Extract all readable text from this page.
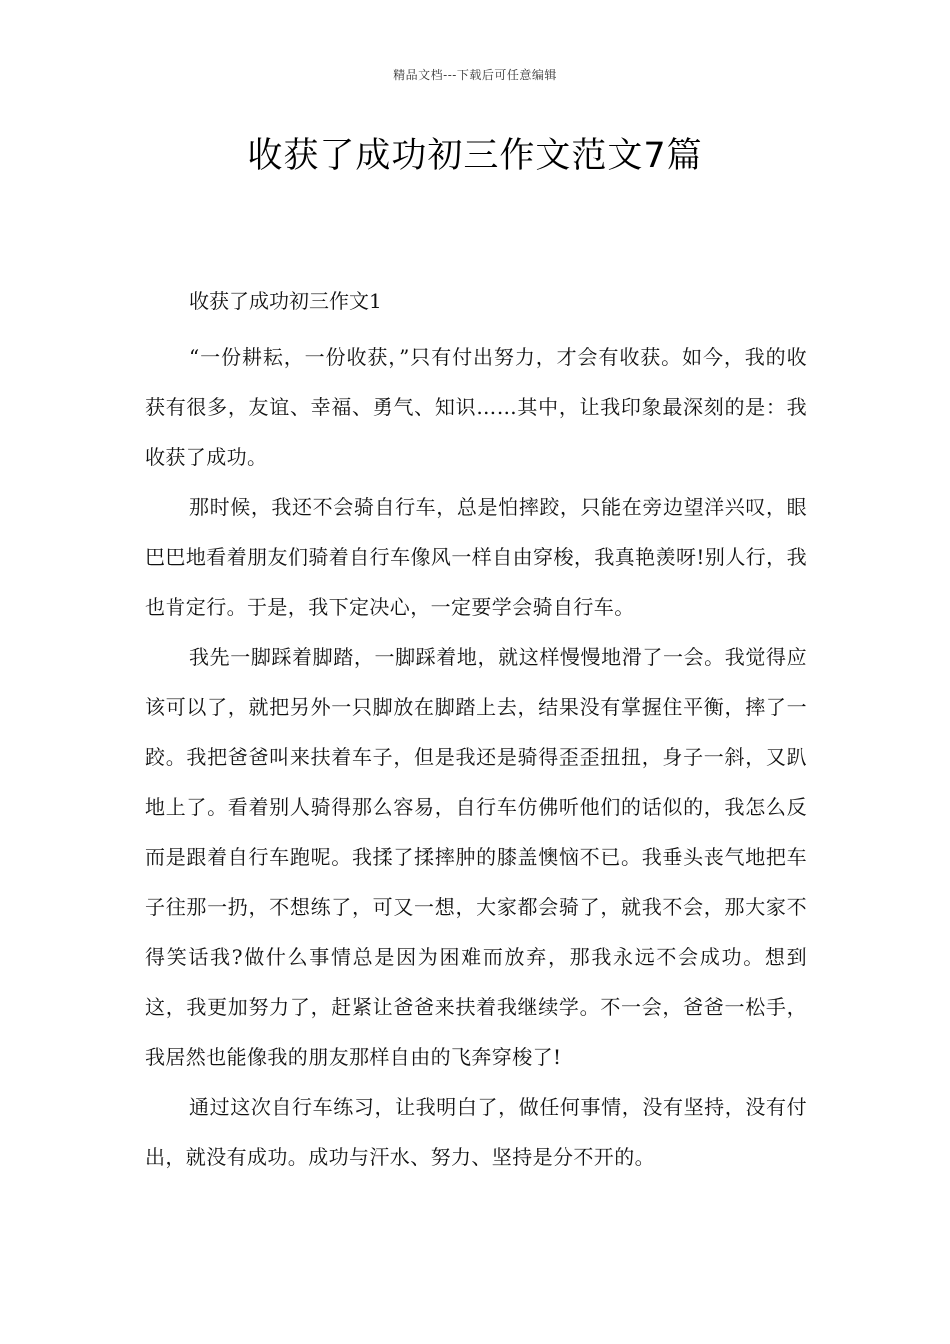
精品文档---下载后可任意编辑
收获了成功初三作文范文7篇

收获了成功初三作文1

“一份耕耘，一份收获，”只有付出努力，才会有收获。如今，我的收获有很多，友谊、幸福、勇气、知识……其中，让我印象最深刻的是：我收获了成功。

那时候，我还不会骑自行车，总是怕摔跤，只能在旁边望洋兴叹，眼巴巴地看着朋友们骑着自行车像风一样自由穿梭，我真艳羡呀!别人行，我也肯定行。于是，我下定决心，一定要学会骑自行车。

我先一脚踩着脚踏，一脚踩着地，就这样慢慢地滑了一会。我觉得应该可以了，就把另外一只脚放在脚踏上去，结果没有掌握住平衡，摔了一跤。我把爸爸叫来扶着车子，但是我还是骑得歪歪扭扭，身子一斜，又趴地上了。看着别人骑得那么容易，自行车仿佛听他们的话似的，我怎么反而是跟着自行车跑呢。我揉了揉摔肿的膝盖懊恼不已。我垂头丧气地把车子往那一扔，不想练了，可又一想，大家都会骑了，就我不会，那大家不得笑话我?做什么事情总是因为困难而放弃，那我永远不会成功。想到这，我更加努力了，赶紧让爸爸来扶着我继续学。不一会，爸爸一松手，我居然也能像我的朋友那样自由的飞奔穿梭了!

通过这次自行车练习，让我明白了，做任何事情，没有坚持，没有付出，就没有成功。成功与汗水、努力、坚持是分不开的。
